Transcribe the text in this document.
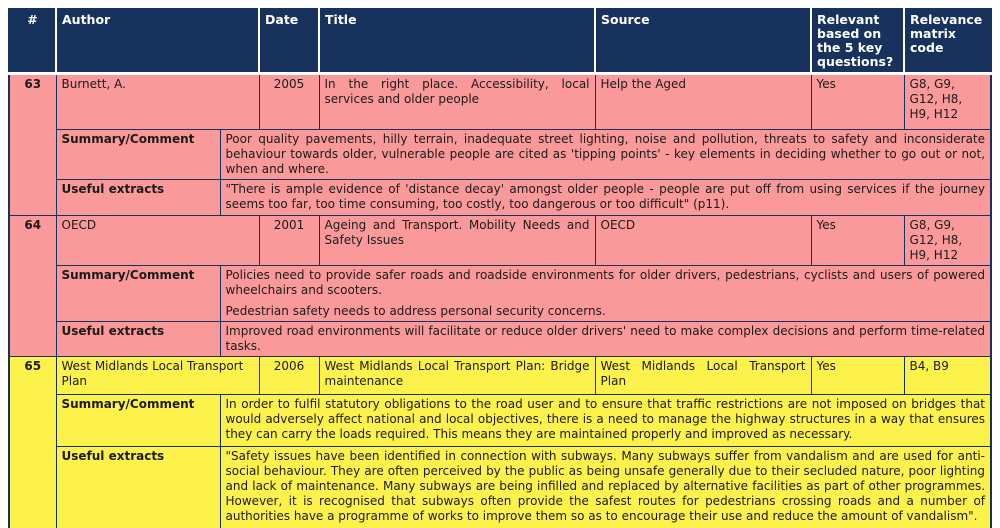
#	Author		Date	Title	Source	Relevant based on the 5 key questions?	Relevance matrix code
63	Burnett, A.		2005	In the right place. Accessibility, local services and older people	Help the Aged	Yes	G8, G9, G12, H8, H9, H12
	Summary/Comment	Poor quality pavements, hilly terrain, inadequate street lighting, noise and pollution, threats to safety and inconsiderate behaviour towards older, vulnerable people are cited as 'tipping points' - key elements in deciding whether to go out or not, when and where.					

	Useful extracts	"There is ample evidence of 'distance decay' amongst older people - people are put off from using services if the journey seems too far, too time consuming, too costly, too dangerous or too difficult" (p11).					

64	OECD		2001	Ageing and Transport. Mobility Needs and Safety Issues	OECD	Yes	G8, G9, G12, H8, H9, H12
	Summary/Comment	Policies need to provide safer roads and roadside environments for older drivers, pedestrians, cyclists and users of powered wheelchairs and scooters.

Pedestrian safety needs to address personal security concerns.					

	Useful extracts	Improved road environments will facilitate or reduce older drivers' need to make complex decisions and perform time-related tasks.					

65	West Midlands Local Transport Plan		2006	West Midlands Local Transport Plan: Bridge maintenance	West Midlands Local Transport Plan	Yes	B4, B9
	Summary/Comment	In order to fulfil statutory obligations to the road user and to ensure that traffic restrictions are not imposed on bridges that would adversely affect national and local objectives, there is a need to manage the highway structures in a way that ensures they can carry the loads required. This means they are maintained properly and improved as necessary.					

	Useful extracts	"Safety issues have been identified in connection with subways. Many subways suffer from vandalism and are used for anti-social behaviour. They are often perceived by the public as being unsafe generally due to their secluded nature, poor lighting and lack of maintenance. Many subways are being infilled and replaced by alternative facilities as part of other programmes. However, it is recognised that subways often provide the safest routes for pedestrians crossing roads and a number of authorities have a programme of works to improve them so as to encourage their use and reduce the amount of vandalism".					
